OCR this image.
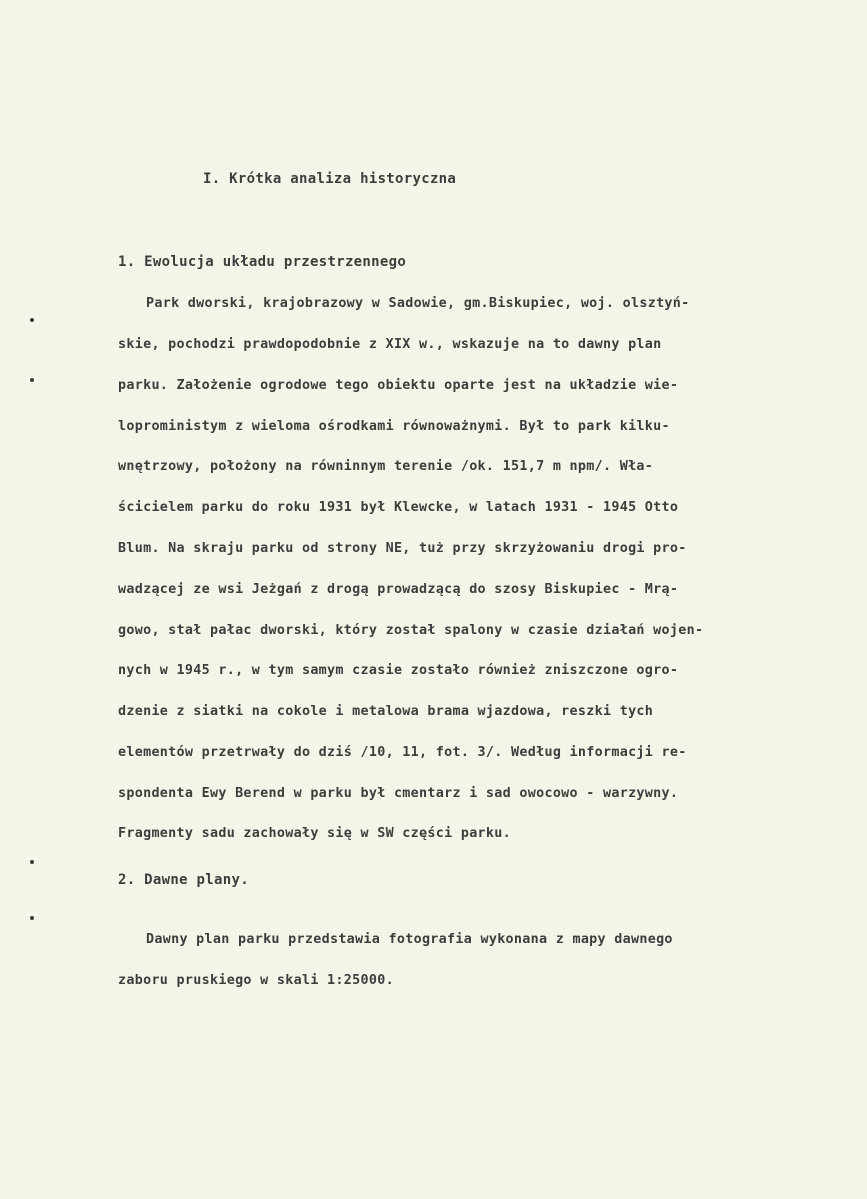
I. Krótka analiza historyczna
1. Ewolucja układu przestrzennego
Park dworski, krajobrazowy w Sadowie, gm.Biskupiec, woj. olsztyń-
skie, pochodzi prawdopodobnie z XIX w., wskazuje na to dawny plan
parku. Założenie ogrodowe tego obiektu oparte jest na układzie wie-
loproministym z wieloma ośrodkami równoważnymi. Był to park kilku-
wnętrzowy, położony na równinnym terenie /ok. 151,7 m npm/. Wła-
ścicielem parku do roku 1931 był Klewcke, w latach 1931 - 1945 Otto
Blum. Na skraju parku od strony NE, tuż przy skrzyżowaniu drogi pro-
wadzącej ze wsi Jeżgań z drogą prowadzącą do szosy Biskupiec - Mrą-
gowo, stał pałac dworski, który został spalony w czasie działań wojen-
nych w 1945 r., w tym samym czasie zostało również zniszczone ogro-
dzenie z siatki na cokole i metalowa brama wjazdowa, reszki tych
elementów przetrwały do dziś /10, 11, fot. 3/. Według informacji re-
spondenta Ewy Berend w parku był cmentarz i sad owocowo - warzywny.
Fragmenty sadu zachowały się w SW części parku.
2. Dawne plany.
Dawny plan parku przedstawia fotografia wykonana z mapy dawnego
zaboru pruskiego w skali 1:25000.
